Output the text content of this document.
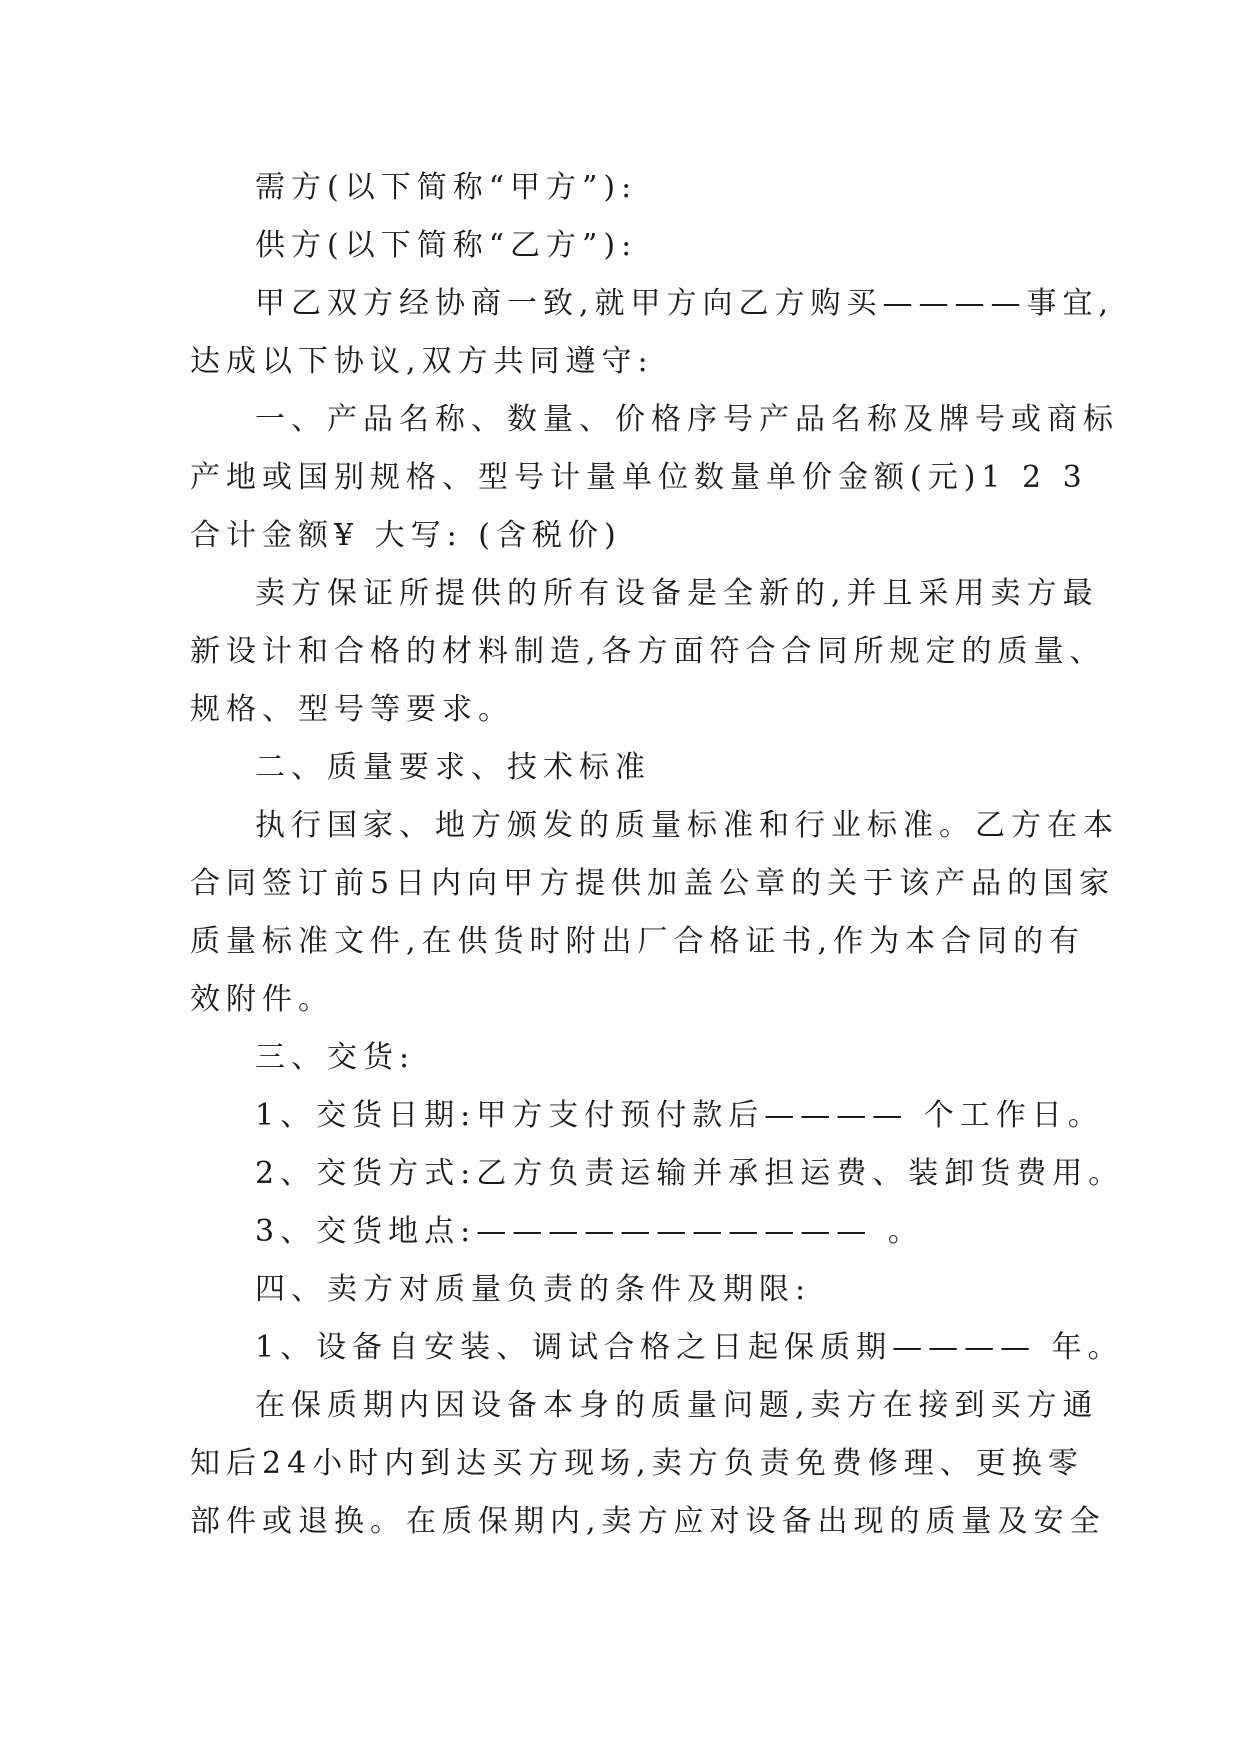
需方(以下简称“甲方”):
供方(以下简称“乙方”):
甲乙双方经协商一致,就甲方向乙方购买————事宜,
达成以下协议,双方共同遵守:
一、产品名称、数量、价格序号产品名称及牌号或商标
产地或国别规格、型号计量单位数量单价金额(元)1 2 3
合计金额¥ 大写: (含税价)
卖方保证所提供的所有设备是全新的,并且采用卖方最
新设计和合格的材料制造,各方面符合合同所规定的质量、
规格、型号等要求。
二、质量要求、技术标准
执行国家、地方颁发的质量标准和行业标准。乙方在本
合同签订前5日内向甲方提供加盖公章的关于该产品的国家
质量标准文件,在供货时附出厂合格证书,作为本合同的有
效附件。
三、交货:
1、交货日期:甲方支付预付款后———— 个工作日。
2、交货方式:乙方负责运输并承担运费、装卸货费用。
3、交货地点:——————————— 。
四、卖方对质量负责的条件及期限:
1、设备自安装、调试合格之日起保质期———— 年。
在保质期内因设备本身的质量问题,卖方在接到买方通
知后24小时内到达买方现场,卖方负责免费修理、更换零
部件或退换。在质保期内,卖方应对设备出现的质量及安全
